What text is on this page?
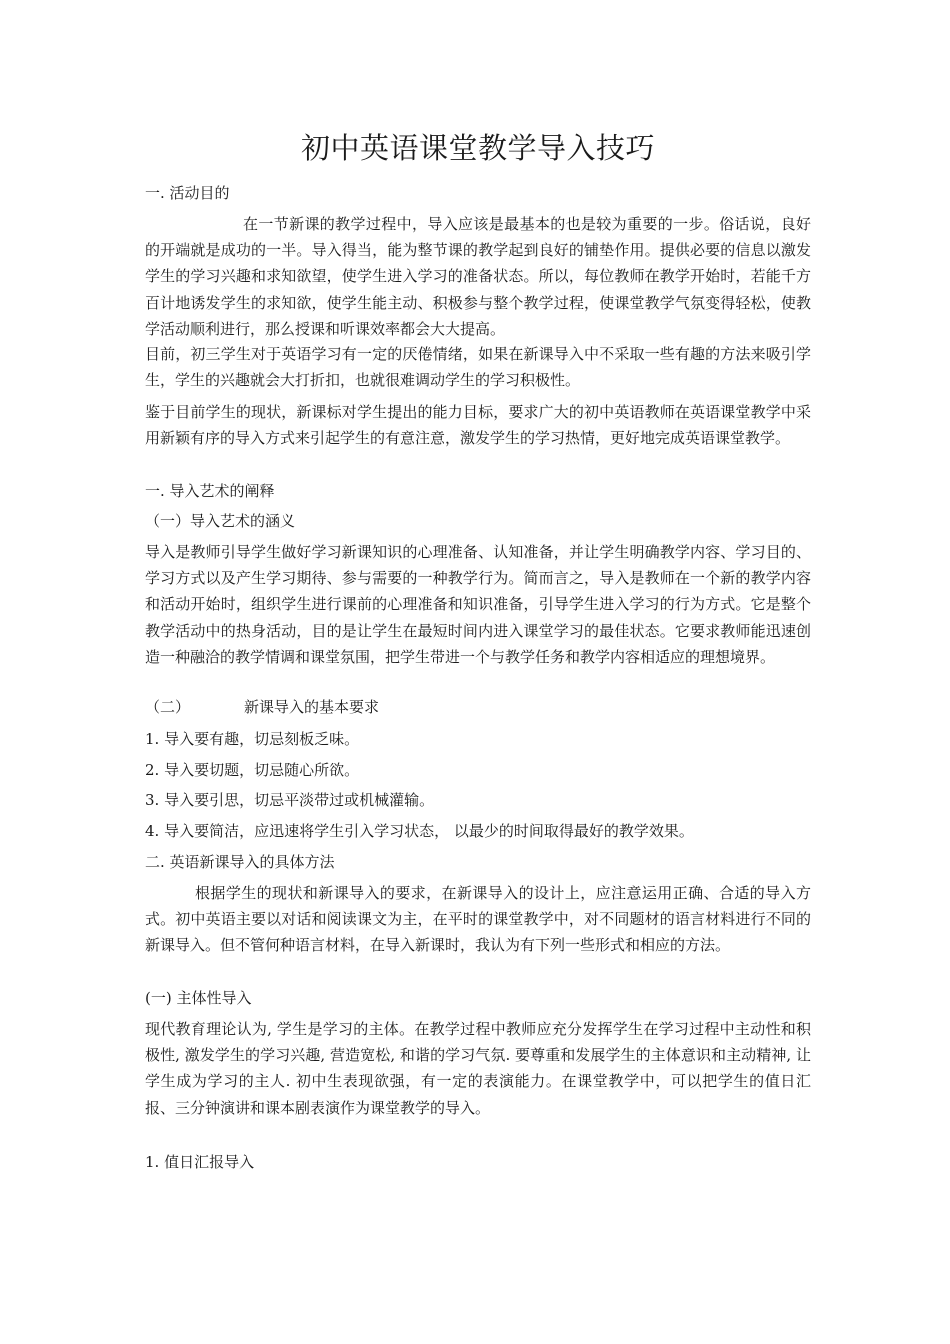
初中英语课堂教学导入技巧
一. 活动目的
在一节新课的教学过程中，导入应该是最基本的也是较为重要的一步。俗话说，良好的开端就是成功的一半。导入得当，能为整节课的教学起到良好的铺垫作用。提供必要的信息以激发学生的学习兴趣和求知欲望，使学生进入学习的准备状态。所以，每位教师在教学开始时，若能千方百计地诱发学生的求知欲，使学生能主动、积极参与整个教学过程，使课堂教学气氛变得轻松，使教学活动顺利进行，那么授课和听课效率都会大大提高。
目前，初三学生对于英语学习有一定的厌倦情绪，如果在新课导入中不采取一些有趣的方法来吸引学生，学生的兴趣就会大打折扣，也就很难调动学生的学习积极性。
鉴于目前学生的现状，新课标对学生提出的能力目标，要求广大的初中英语教师在英语课堂教学中采用新颖有序的导入方式来引起学生的有意注意，激发学生的学习热情，更好地完成英语课堂教学。
一. 导入艺术的阐释
（一）导入艺术的涵义
导入是教师引导学生做好学习新课知识的心理准备、认知准备，并让学生明确教学内容、学习目的、学习方式以及产生学习期待、参与需要的一种教学行为。简而言之，导入是教师在一个新的教学内容和活动开始时，组织学生进行课前的心理准备和知识准备，引导学生进入学习的行为方式。它是整个教学活动中的热身活动，目的是让学生在最短时间内进入课堂学习的最佳状态。它要求教师能迅速创造一种融洽的教学情调和课堂氛围，把学生带进一个与教学任务和教学内容相适应的理想境界。
（二）	新课导入的基本要求
1. 导入要有趣，切忌刻板乏味。
2. 导入要切题，切忌随心所欲。
3. 导入要引思，切忌平淡带过或机械灌输。
4. 导入要简洁，应迅速将学生引入学习状态， 以最少的时间取得最好的教学效果。
二. 英语新课导入的具体方法
根据学生的现状和新课导入的要求，在新课导入的设计上，应注意运用正确、合适的导入方式。初中英语主要以对话和阅读课文为主，在平时的课堂教学中，对不同题材的语言材料进行不同的新课导入。但不管何种语言材料，在导入新课时，我认为有下列一些形式和相应的方法。
(一) 主体性导入
现代教育理论认为, 学生是学习的主体。在教学过程中教师应充分发挥学生在学习过程中主动性和积极性, 激发学生的学习兴趣, 营造宽松, 和谐的学习气氛. 要尊重和发展学生的主体意识和主动精神, 让学生成为学习的主人. 初中生表现欲强，有一定的表演能力。在课堂教学中，可以把学生的值日汇报、三分钟演讲和课本剧表演作为课堂教学的导入。
1. 值日汇报导入
